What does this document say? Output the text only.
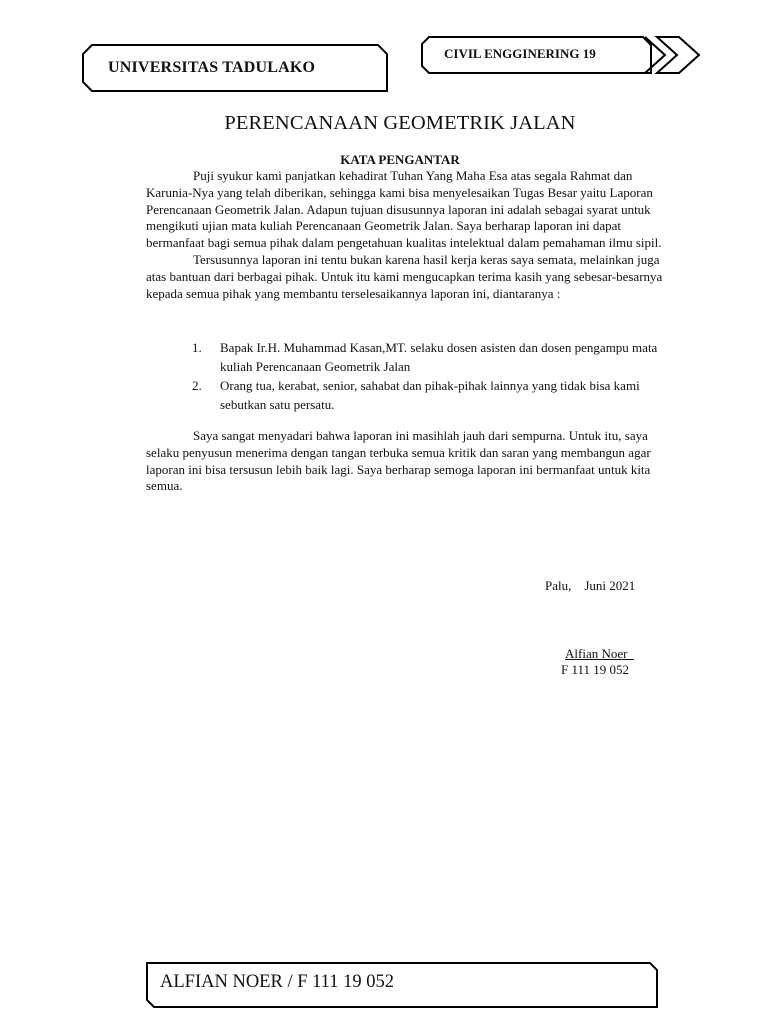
UNIVERSITAS TADULAKO
CIVIL ENGGINERING 19
PERENCANAAN GEOMETRIK JALAN
KATA PENGANTAR

Puji syukur kami panjatkan kehadirat Tuhan Yang Maha Esa atas segala Rahmat dan Karunia-Nya yang telah diberikan, sehingga kami bisa menyelesaikan Tugas Besar yaitu Laporan Perencanaan Geometrik Jalan. Adapun tujuan disusunnya laporan ini adalah sebagai syarat untuk mengikuti ujian mata kuliah Perencanaan Geometrik Jalan. Saya berharap laporan ini dapat bermanfaat bagi semua pihak dalam pengetahuan kualitas intelektual dalam pemahaman ilmu sipil.

Tersusunnya laporan ini tentu bukan karena hasil kerja keras saya semata, melainkan juga atas bantuan dari berbagai pihak. Untuk itu kami mengucapkan terima kasih yang sebesar-besarnya kepada semua pihak yang membantu terselesaikannya laporan ini, diantaranya :

1. Bapak Ir.H. Muhammad Kasan,MT. selaku dosen asisten dan dosen pengampu mata kuliah Perencanaan Geometrik Jalan
2. Orang tua, kerabat, senior, sahabat dan pihak-pihak lainnya yang tidak bisa kami sebutkan satu persatu.

Saya sangat menyadari bahwa laporan ini masihlah jauh dari sempurna. Untuk itu, saya selaku penyusun menerima dengan tangan terbuka semua kritik dan saran yang membangun agar laporan ini bisa tersusun lebih baik lagi. Saya berharap semoga laporan ini bermanfaat untuk kita semua.

Palu,    Juni 2021
Alfian Noer
F 111 19 052
ALFIAN NOER / F 111 19 052
